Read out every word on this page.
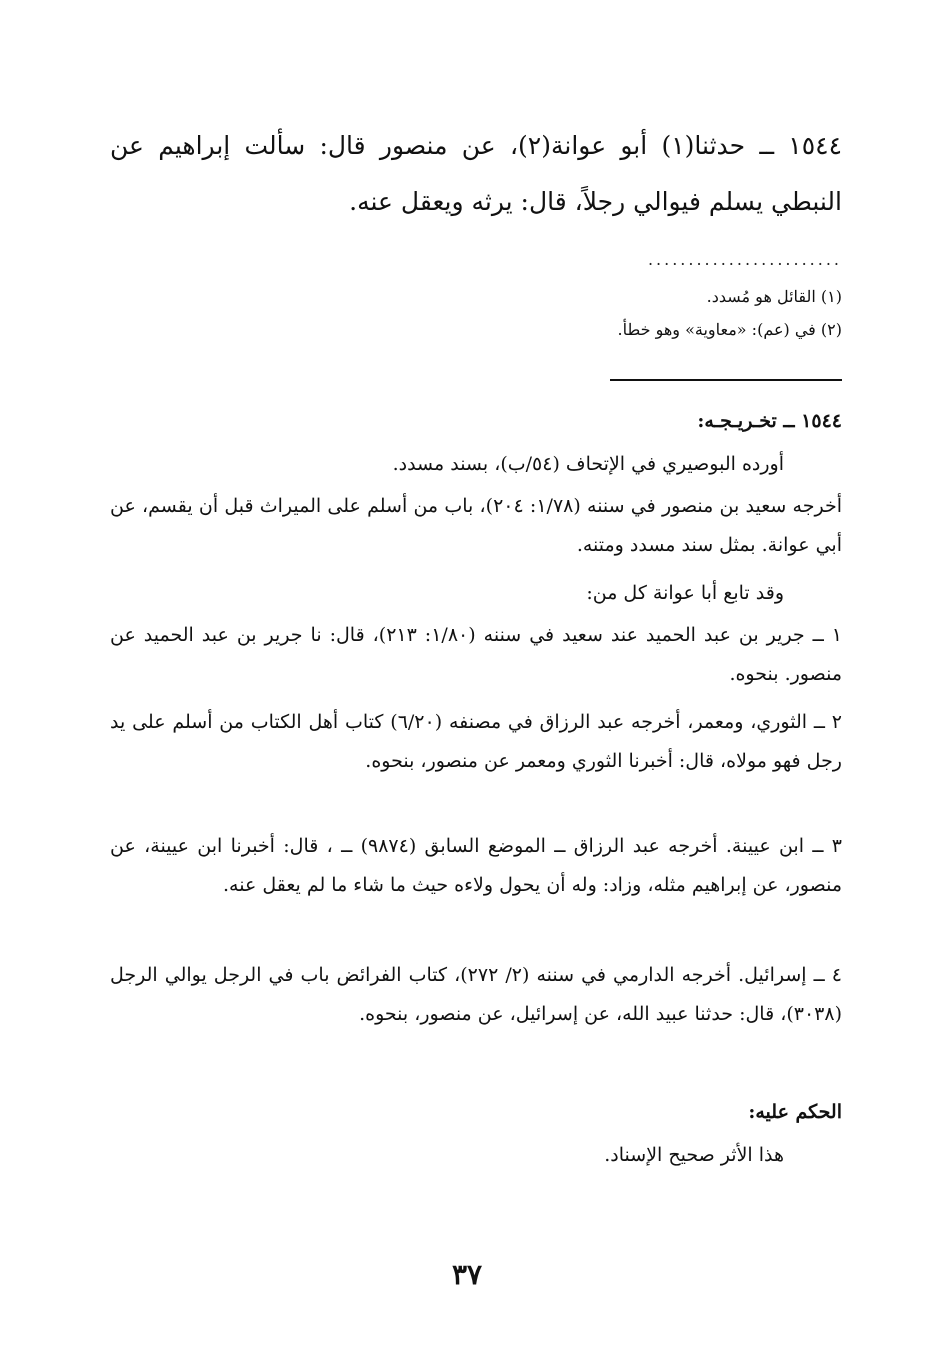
١٥٤٤ ــ حدثنا(١) أبو عوانة(٢)، عن منصور قال: سألت إبراهيم عن النبطي يسلم فيوالي رجلاً، قال: يرثه ويعقل عنه.
........................
(١) القائل هو مُسدد.
(٢) في (عم): «معاوية» وهو خطأ.
١٥٤٤ ــ تخـريـجـه:
أورده البوصيري في الإتحاف (٥٤/ب)، بسند مسدد.
أخرجه سعيد بن منصور في سننه (١/٧٨: ٢٠٤)، باب من أسلم على الميراث قبل أن يقسم، عن أبي عوانة. بمثل سند مسدد ومتنه.
وقد تابع أبا عوانة كل من:
١ ــ جرير بن عبد الحميد عند سعيد في سننه (١/٨٠: ٢١٣)، قال: نا جرير بن عبد الحميد عن منصور. بنحوه.
٢ ــ الثوري، ومعمر، أخرجه عبد الرزاق في مصنفه (٦/٢٠) كتاب أهل الكتاب من أسلم على يد رجل فهو مولاه، قال: أخبرنا الثوري ومعمر عن منصور، بنحوه.
٣ ــ ابن عيينة. أخرجه عبد الرزاق ــ الموضع السابق (٩٨٧٤) ــ ، قال: أخبرنا ابن عيينة، عن منصور، عن إبراهيم مثله، وزاد: وله أن يحول ولاءه حيث ما شاء ما لم يعقل عنه.
٤ ــ إسرائيل. أخرجه الدارمي في سننه (٢/ ٢٧٢)، كتاب الفرائض باب في الرجل يوالي الرجل (٣٠٣٨)، قال: حدثنا عبيد الله، عن إسرائيل، عن منصور، بنحوه.
الحكم عليه:
هذا الأثر صحيح الإسناد.
٣٧
